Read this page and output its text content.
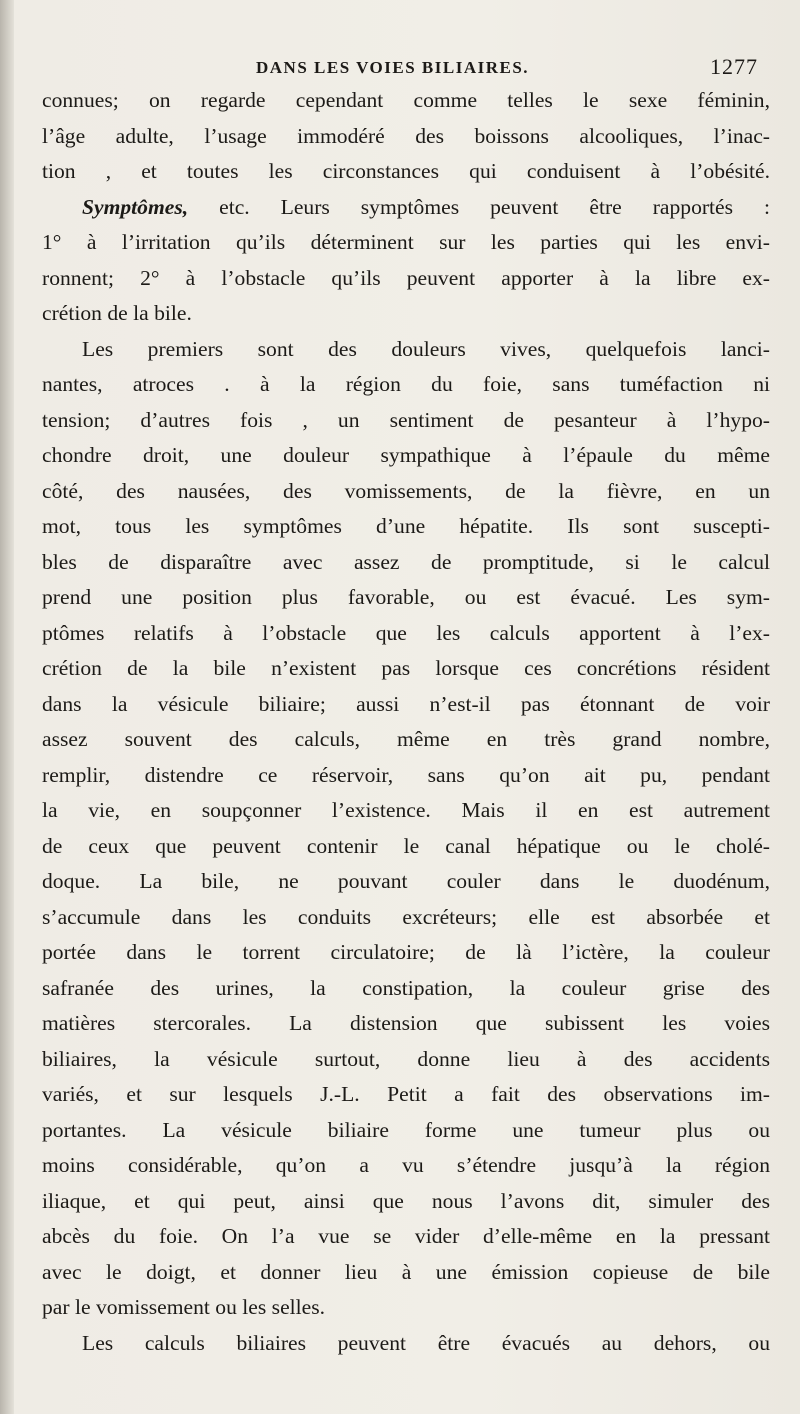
DANS LES VOIES BILIAIRES.	1277
connues; on regarde cependant comme telles le sexe féminin,
l’âge adulte, l’usage immodéré des boissons alcooliques, l’inac-
tion , et toutes les circonstances qui conduisent à l’obésité.
Symptômes, etc. Leurs symptômes peuvent être rapportés :
1° à l’irritation qu’ils déterminent sur les parties qui les envi-
ronnent; 2° à l’obstacle qu’ils peuvent apporter à la libre ex-
crétion de la bile.
Les premiers sont des douleurs vives, quelquefois lanci-
nantes, atroces . à la région du foie, sans tuméfaction ni
tension; d’autres fois , un sentiment de pesanteur à l’hypo-
chondre droit, une douleur sympathique à l’épaule du même
côté, des nausées, des vomissements, de la fièvre, en un
mot, tous les symptômes d’une hépatite. Ils sont suscepti-
bles de disparaître avec assez de promptitude, si le calcul
prend une position plus favorable, ou est évacué. Les sym-
ptômes relatifs à l’obstacle que les calculs apportent à l’ex-
crétion de la bile n’existent pas lorsque ces concrétions résident
dans la vésicule biliaire; aussi n’est-il pas étonnant de voir
assez souvent des calculs, même en très grand nombre,
remplir, distendre ce réservoir, sans qu’on ait pu, pendant
la vie, en soupçonner l’existence. Mais il en est autrement
de ceux que peuvent contenir le canal hépatique ou le cholé-
doque. La bile, ne pouvant couler dans le duodénum,
s’accumule dans les conduits excréteurs; elle est absorbée et
portée dans le torrent circulatoire; de là l’ictère, la couleur
safranée des urines, la constipation, la couleur grise des
matières stercorales. La distension que subissent les voies
biliaires, la vésicule surtout, donne lieu à des accidents
variés, et sur lesquels J.-L. Petit a fait des observations im-
portantes. La vésicule biliaire forme une tumeur plus ou
moins considérable, qu’on a vu s’étendre jusqu’à la région
iliaque, et qui peut, ainsi que nous l’avons dit, simuler des
abcès du foie. On l’a vue se vider d’elle-même en la pressant
avec le doigt, et donner lieu à une émission copieuse de bile
par le vomissement ou les selles.
Les calculs biliaires peuvent être évacués au dehors, ou
